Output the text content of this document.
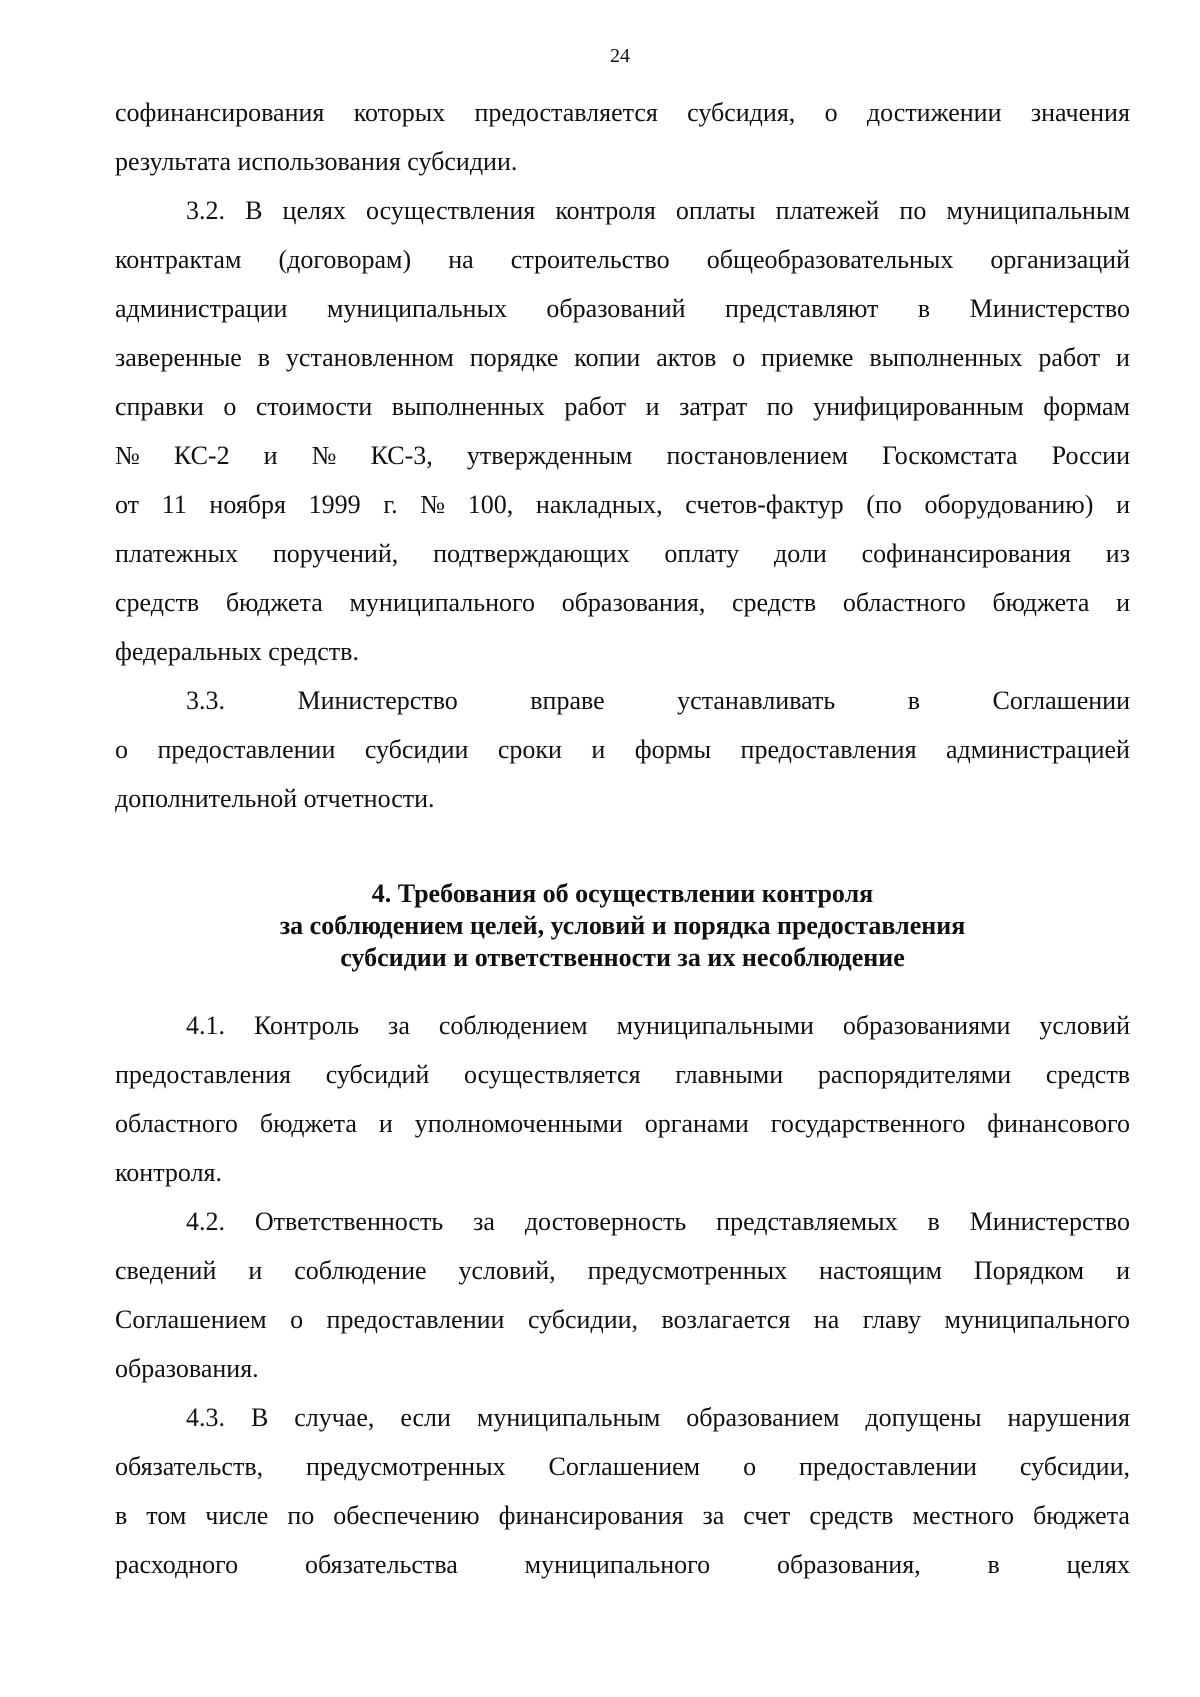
24
софинансирования которых предоставляется субсидия, о достижении значения
результата использования субсидии.
3.2. В целях осуществления контроля оплаты платежей по муниципальным
контрактам (договорам) на строительство общеобразовательных организаций
администрации муниципальных образований представляют в Министерство
заверенные в установленном порядке копии актов о приемке выполненных работ и
справки о стоимости выполненных работ и затрат по унифицированным формам
№ КС-2 и № КС-3, утвержденным постановлением Госкомстата России
от 11 ноября 1999 г. № 100, накладных, счетов-фактур (по оборудованию) и
платежных поручений, подтверждающих оплату доли софинансирования из
средств бюджета муниципального образования, средств областного бюджета и
федеральных средств.
3.3.	Министерство	вправе	устанавливать	в	Соглашении
о предоставлении субсидии сроки и формы предоставления администрацией
дополнительной отчетности.
4. Требования об осуществлении контроля
за соблюдением целей, условий и порядка предоставления
субсидии и ответственности за их несоблюдение
4.1. Контроль за соблюдением муниципальными образованиями условий
предоставления субсидий осуществляется главными распорядителями средств
областного бюджета и уполномоченными органами государственного финансового
контроля.
4.2. Ответственность за достоверность представляемых в Министерство
сведений и соблюдение условий, предусмотренных настоящим Порядком и
Соглашением о предоставлении субсидии, возлагается на главу муниципального
образования.
4.3. В случае, если муниципальным образованием допущены нарушения
обязательств, предусмотренных Соглашением о предоставлении субсидии,
в том числе по обеспечению финансирования за счет средств местного бюджета
расходного	обязательства	муниципального	образования,	в	целях
